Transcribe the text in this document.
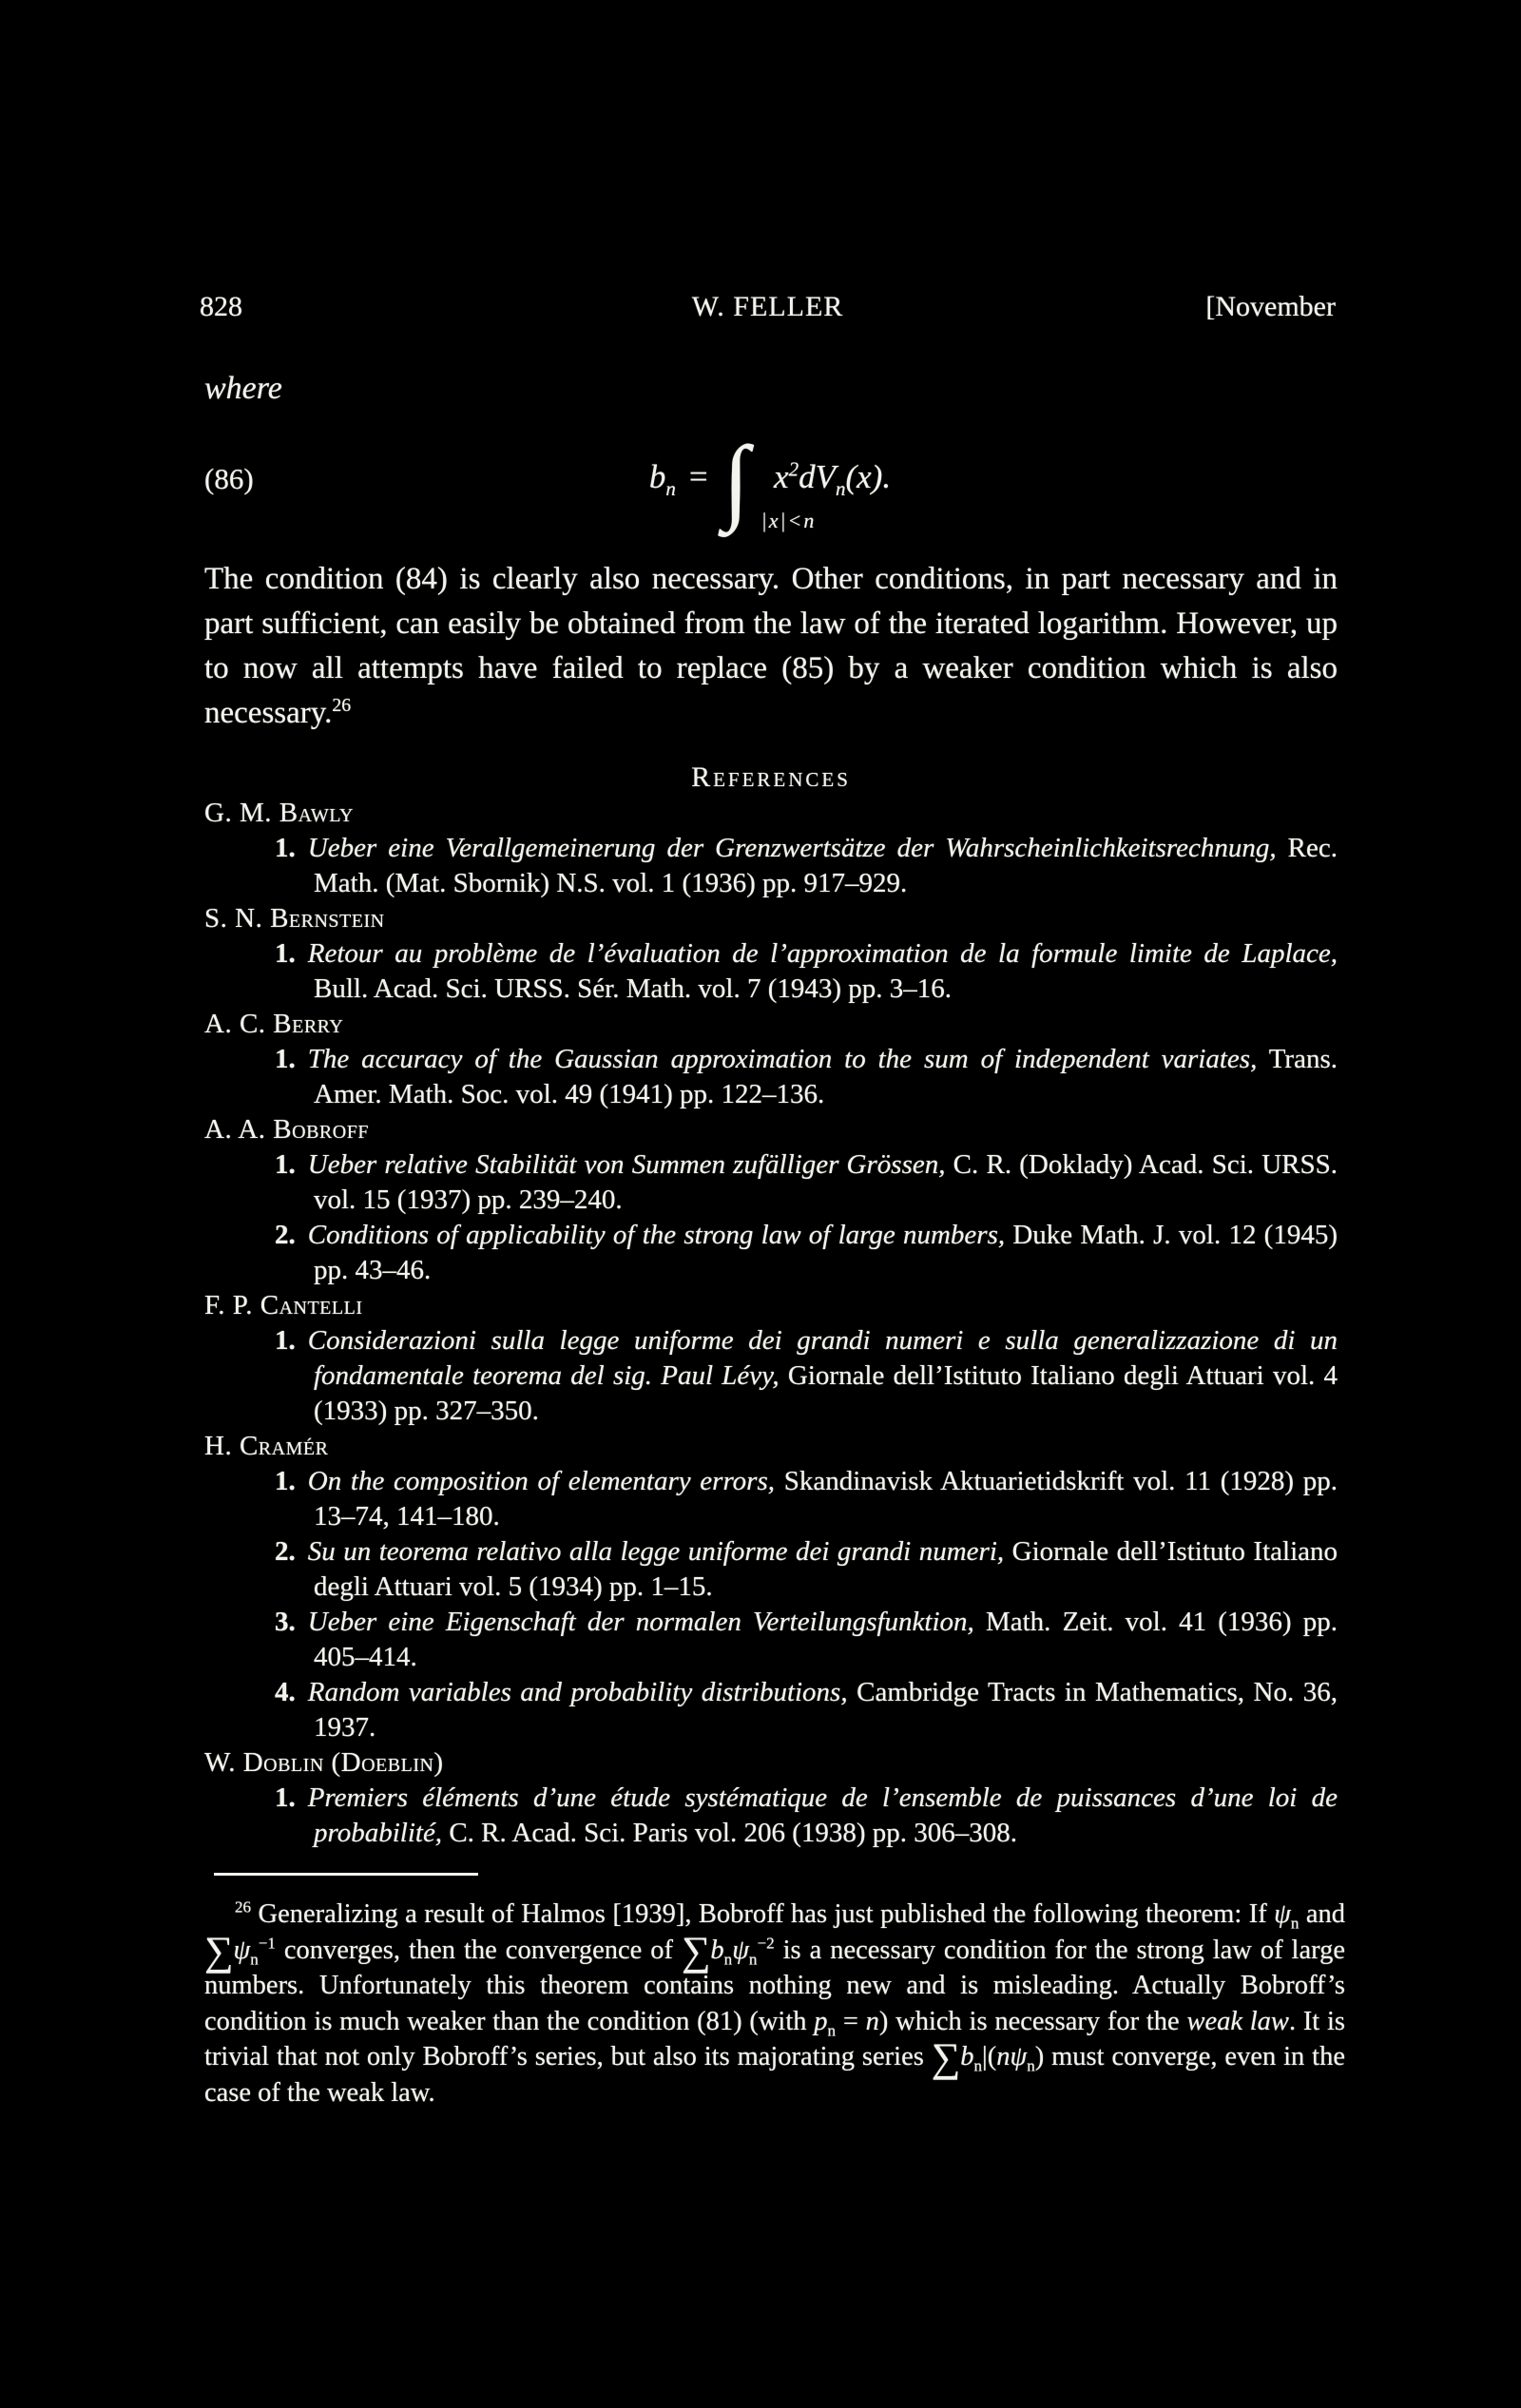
828	W. FELLER	[November
where
(86)	$b_n$ = ∫ |x|<n
$x^2dV_n(x)$.

The condition (84) is clearly also necessary. Other conditions, in part necessary and in part sufficient, can easily be obtained from the law of the iterated logarithm. However, up to now all attempts have failed to replace (85) by a weaker condition which is also necessary.$^{26}$

References
G. M. Bawly
1. Ueber eine Verallgemeinerung der Grenzwertsätze der Wahrscheinlichkeitsrechnung, Rec. Math. (Mat. Sbornik) N.S. vol. 1 (1936) pp. 917–929.
S. N. Bernstein
1. Retour au problème de l’évaluation de l’approximation de la formule limite de Laplace, Bull. Acad. Sci. URSS. Sér. Math. vol. 7 (1943) pp. 3–16.
A. C. Berry
1. The accuracy of the Gaussian approximation to the sum of independent variates, Trans. Amer. Math. Soc. vol. 49 (1941) pp. 122–136.
A. A. Bobroff
1. Ueber relative Stabilität von Summen zufälliger Grössen, C. R. (Doklady) Acad. Sci. URSS. vol. 15 (1937) pp. 239–240.
2. Conditions of applicability of the strong law of large numbers, Duke Math. J. vol. 12 (1945) pp. 43–46.
F. P. Cantelli
1. Considerazioni sulla legge uniforme dei grandi numeri e sulla generalizzazione di un fondamentale teorema del sig. Paul Lévy, Giornale dell’Istituto Italiano degli Attuari vol. 4 (1933) pp. 327–350.
H. Cramér
1. On the composition of elementary errors, Skandinavisk Aktuarietidskrift vol. 11 (1928) pp. 13–74, 141–180.
2. Su un teorema relativo alla legge uniforme dei grandi numeri, Giornale dell’Istituto Italiano degli Attuari vol. 5 (1934) pp. 1–15.
3. Ueber eine Eigenschaft der normalen Verteilungsfunktion, Math. Zeit. vol. 41 (1936) pp. 405–414.
4. Random variables and probability distributions, Cambridge Tracts in Mathematics, No. 36, 1937.
W. Doblin (Doeblin)
1. Premiers éléments d’une étude systématique de l’ensemble de puissances d’une loi de probabilité, C. R. Acad. Sci. Paris vol. 206 (1938) pp. 306–308.

$^{26}$ Generalizing a result of Halmos [1939], Bobroff has just published the following theorem: If $\psi_n$ and $\sum\psi_n^{-1}$ converges, then the convergence of $\sum b_n\psi_n^{-2}$ is a necessary condition for the strong law of large numbers. Unfortunately this theorem contains nothing new and is misleading. Actually Bobroff’s condition is much weaker than the condition (81) (with $p_n = n$) which is necessary for the weak law. It is trivial that not only Bobroff’s series, but also its majorating series $\sum b_n|(n\psi_n)$ must converge, even in the case of the weak law.
